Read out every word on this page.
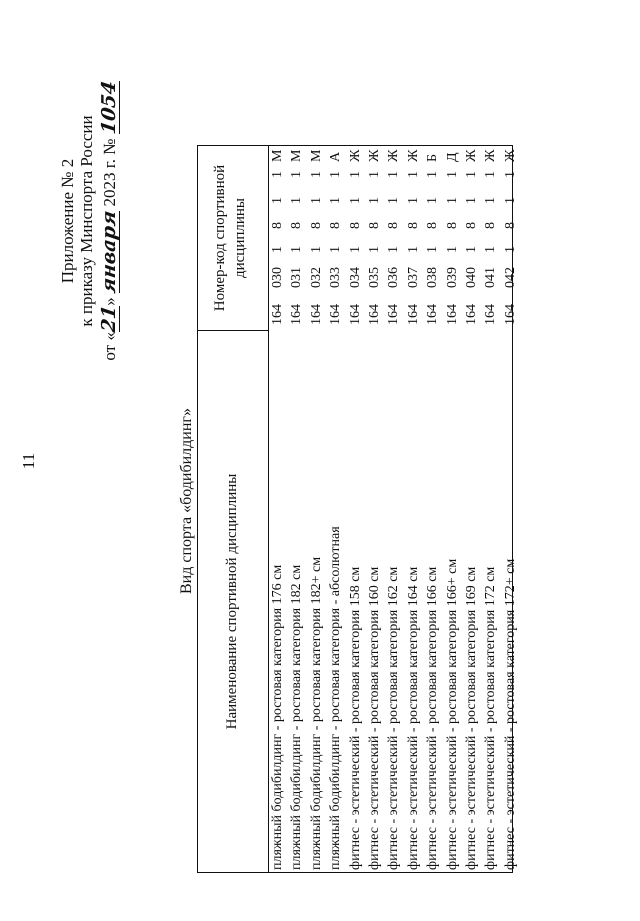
11
Приложение № 2 к приказу Минспорта России
от «21» января 2023 г. № 1054
Вид спорта «бодибилдинг» Наименование спортивной дисциплины
Номер-код спортивной дисциплины
пляжный бодибилдинг - ростовая категория 176 см
164
030
1
8
1
1
М
пляжный бодибилдинг - ростовая категория 182 см
164
031
1
8
1
1
М
пляжный бодибилдинг - ростовая категория 182+ см
164
032
1
8
1
1
М
пляжный бодибилдинг - ростовая категория - абсолютная
164
033
1
8
1
1
А
фитнес - эстетический - ростовая категория 158 см
164
034
1
8
1
1
Ж
фитнес - эстетический - ростовая категория 160 см
164
035
1
8
1
1
Ж
фитнес - эстетический - ростовая категория 162 см
164
036
1
8
1
1
Ж
фитнес - эстетический - ростовая категория 164 см
164
037
1
8
1
1
Ж
фитнес - эстетический - ростовая категория 166 см
164
038
1
8
1
1
Б
фитнес - эстетический - ростовая категория 166+ см
164
039
1
8
1
1
Д
фитнес - эстетический - ростовая категория 169 см
164
040
1
8
1
1
Ж
фитнес - эстетический - ростовая категория 172 см
164
041
1
8
1
1
Ж
фитнес - эстетический - ростовая категория 172+ см
164
042
1
8
1
1
Ж
